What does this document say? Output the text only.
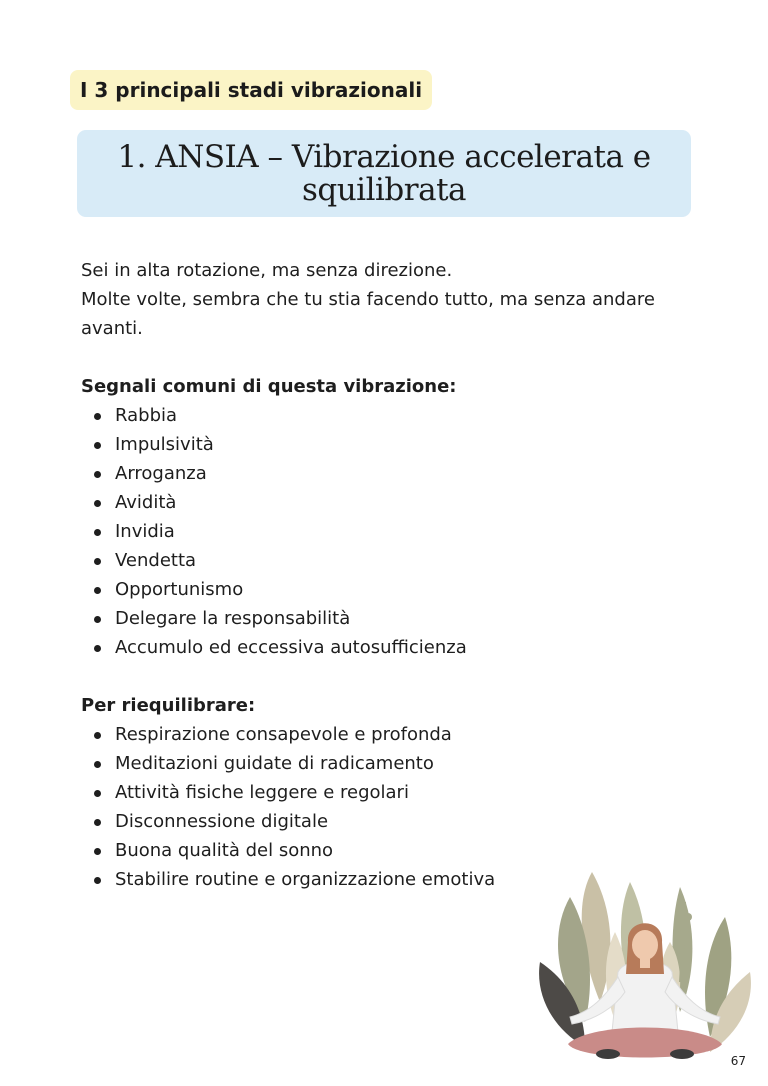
I 3 principali stadi vibrazionali
1. ANSIA – Vibrazione accelerata e
squilibrata

Sei in alta rotazione, ma senza direzione.
Molte volte, sembra che tu stia facendo tutto, ma senza andare
avanti.

Segnali comuni di questa vibrazione:

Rabbia
Impulsività
Arroganza
Avidità
Invidia
Vendetta
Opportunismo
Delegare la responsabilità
Accumulo ed eccessiva autosufficienza

Per riequilibrare:

Respirazione consapevole e profonda
Meditazioni guidate di radicamento
Attività fisiche leggere e regolari
Disconnessione digitale
Buona qualità del sonno
Stabilire routine e organizzazione emotiva
67
